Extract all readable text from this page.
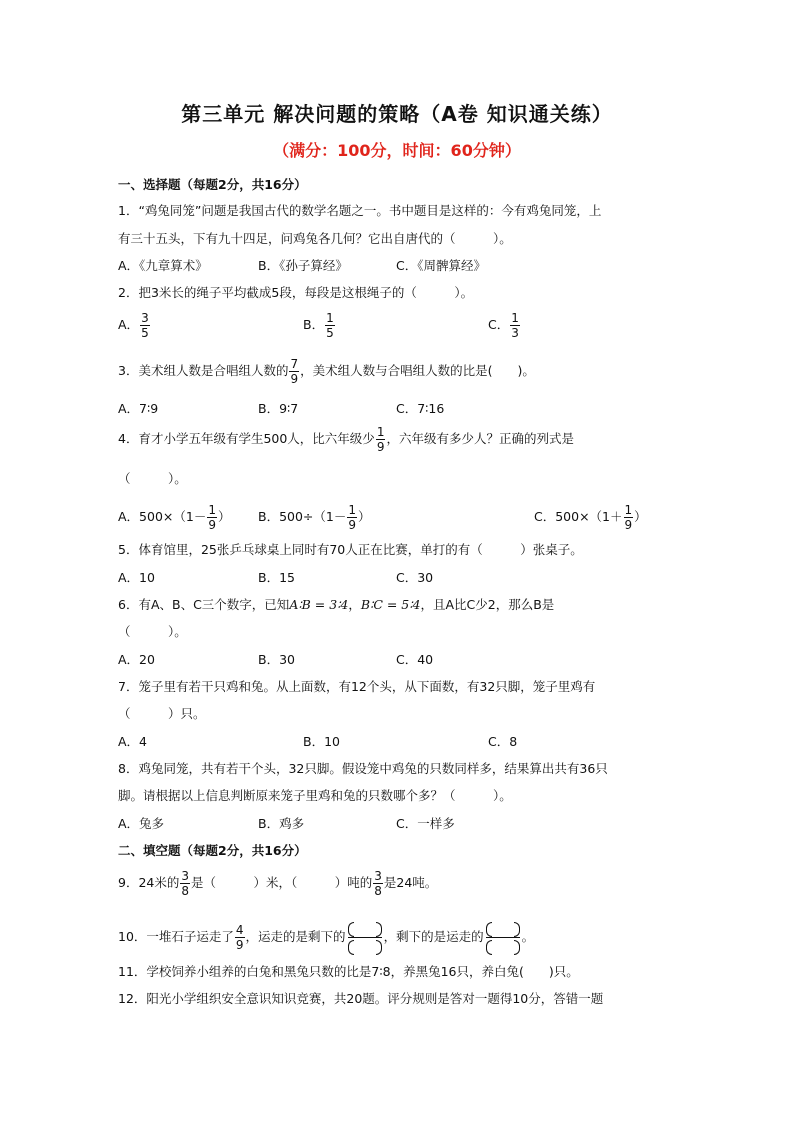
第三单元 解决问题的策略（A卷 知识通关练）
（满分：100分，时间：60分钟）
一、选择题（每题2分，共16分）
1．“鸡兔同笼”问题是我国古代的数学名题之一。书中题目是这样的：今有鸡兔同笼，上
有三十五头，下有九十四足，问鸡兔各几何？它出自唐代的（　　　）。
A．《九章算术》	B．《孙子算经》	C．《周髀算经》
2．把3米长的绳子平均截成5段，每段是这根绳子的（　　　）。
A． $\frac{3}{5}$	B． $\frac{1}{5}$	C． $\frac{1}{3}$
3．美术组人数是合唱组人数的 $\frac{7}{9}$ ，美术组人数与合唱组人数的比是(　　)。
A．7∶9	B．9∶7	C．7∶16
4．育才小学五年级有学生500人，比六年级少 $\frac{1}{9}$ ，六年级有多少人？正确的列式是
（　　　）。
A．$500\times(1- \frac{1}{9}$ ） B．$500\div(1- \frac{1}{9}$ ）	C．$500\times(1+ \frac{1}{9}$ ）
5．体育馆里，25张乒乓球桌上同时有70人正在比赛，单打的有（　　　）张桌子。
A．10	B．15	C．30
6．有A、B、C三个数字，已知A∶B = 3∶4，B∶C = 5∶4，且A比C少2，那么B是
（　　　）。
A．20	B．30	C．40
7．笼子里有若干只鸡和兔。从上面数，有12个头，从下面数，有32只脚，笼子里鸡有
（　　　）只。
A．4	B．10	C．8
8．鸡兔同笼，共有若干个头，32只脚。假设笼中鸡兔的只数同样多，结果算出共有36只
脚。请根据以上信息判断原来笼子里鸡和兔的只数哪个多？（　　　）。
A．兔多	B．鸡多	C．一样多
二、填空题（每题2分，共16分）
9．24米的 $\frac{3}{8}$ 是（　　　）米，（　　　）吨的 $\frac{3}{8}$ 是24吨。
10．一堆石子运走了 $\frac{4}{9}$ ，运走的是剩下的	，剩下的是运走的	。
11．学校饲养小组养的白兔和黑兔只数的比是7∶8，养黑兔16只，养白兔(　　)只。
12．阳光小学组织安全意识知识竞赛，共20题。评分规则是答对一题得10分，答错一题
